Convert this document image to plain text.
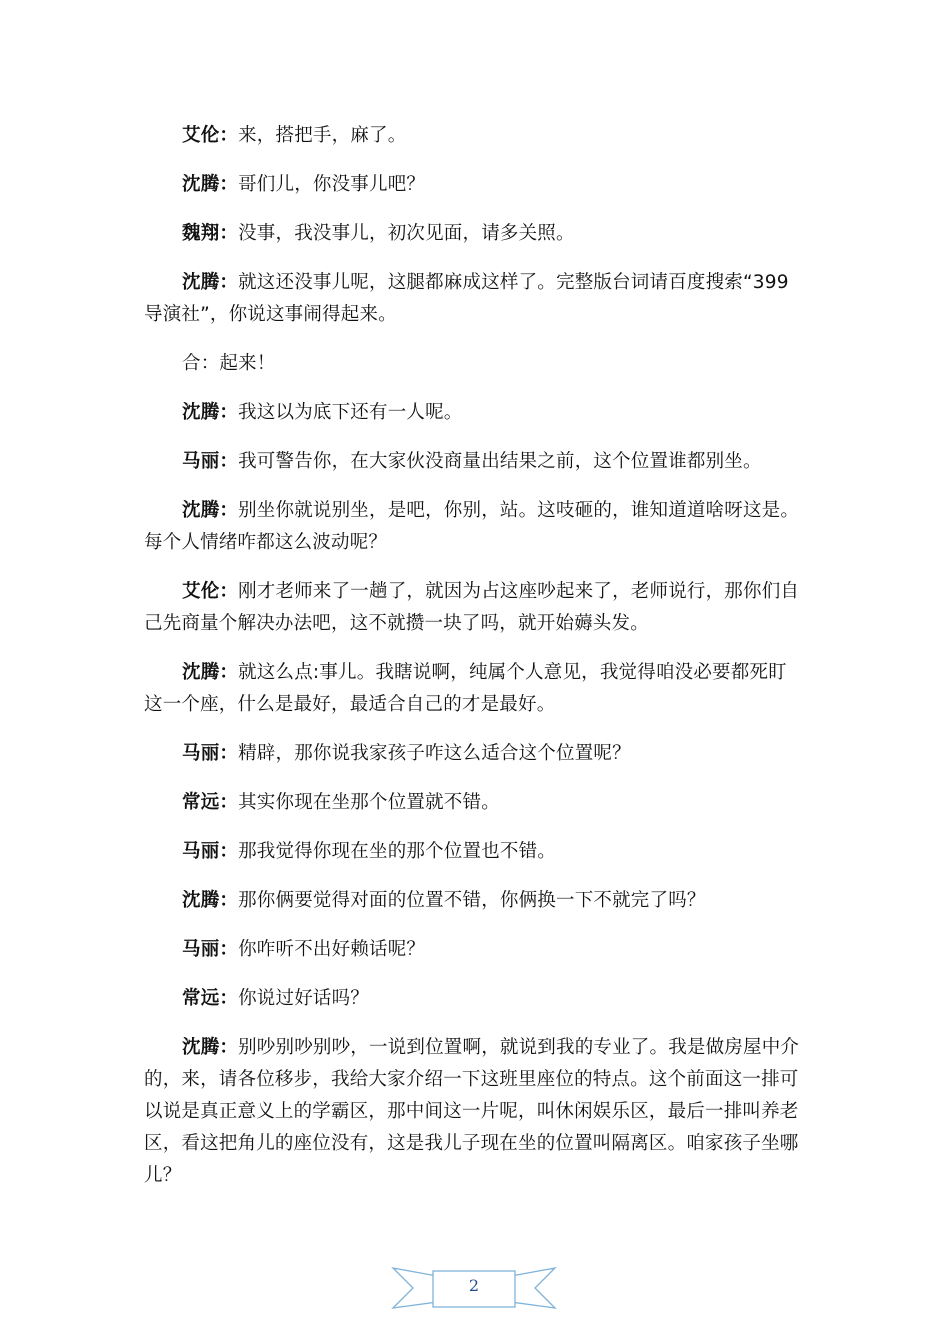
艾伦：来，搭把手，麻了。

沈腾：哥们儿，你没事儿吧？

魏翔：没事，我没事儿，初次见面，请多关照。

沈腾：就这还没事儿呢，这腿都麻成这样了。完整版台词请百度搜索“399 导演社”，你说这事闹得起来。

合：起来！

沈腾：我这以为底下还有一人呢。

马丽：我可警告你，在大家伙没商量出结果之前，这个位置谁都别坐。

沈腾：别坐你就说别坐，是吧，你别，站。这吱砸的，谁知道道啥呀这是。每个人情绪咋都这么波动呢？

艾伦：刚才老师来了一趟了，就因为占这座吵起来了，老师说行，那你们自己先商量个解决办法吧，这不就攒一块了吗，就开始薅头发。

沈腾：就这么点:事儿。我瞎说啊，纯属个人意见，我觉得咱没必要都死盯这一个座，什么是最好，最适合自己的才是最好。

马丽：精辟，那你说我家孩子咋这么适合这个位置呢？

常远：其实你现在坐那个位置就不错。

马丽：那我觉得你现在坐的那个位置也不错。

沈腾：那你俩要觉得对面的位置不错，你俩换一下不就完了吗？

马丽：你咋听不出好赖话呢？

常远：你说过好话吗？

沈腾：别吵别吵别吵，一说到位置啊，就说到我的专业了。我是做房屋中介的，来，请各位移步，我给大家介绍一下这班里座位的特点。这个前面这一排可以说是真正意义上的学霸区，那中间这一片呢，叫休闲娱乐区，最后一排叫养老区，看这把角儿的座位没有，这是我儿子现在坐的位置叫隔离区。咱家孩子坐哪儿？

2
